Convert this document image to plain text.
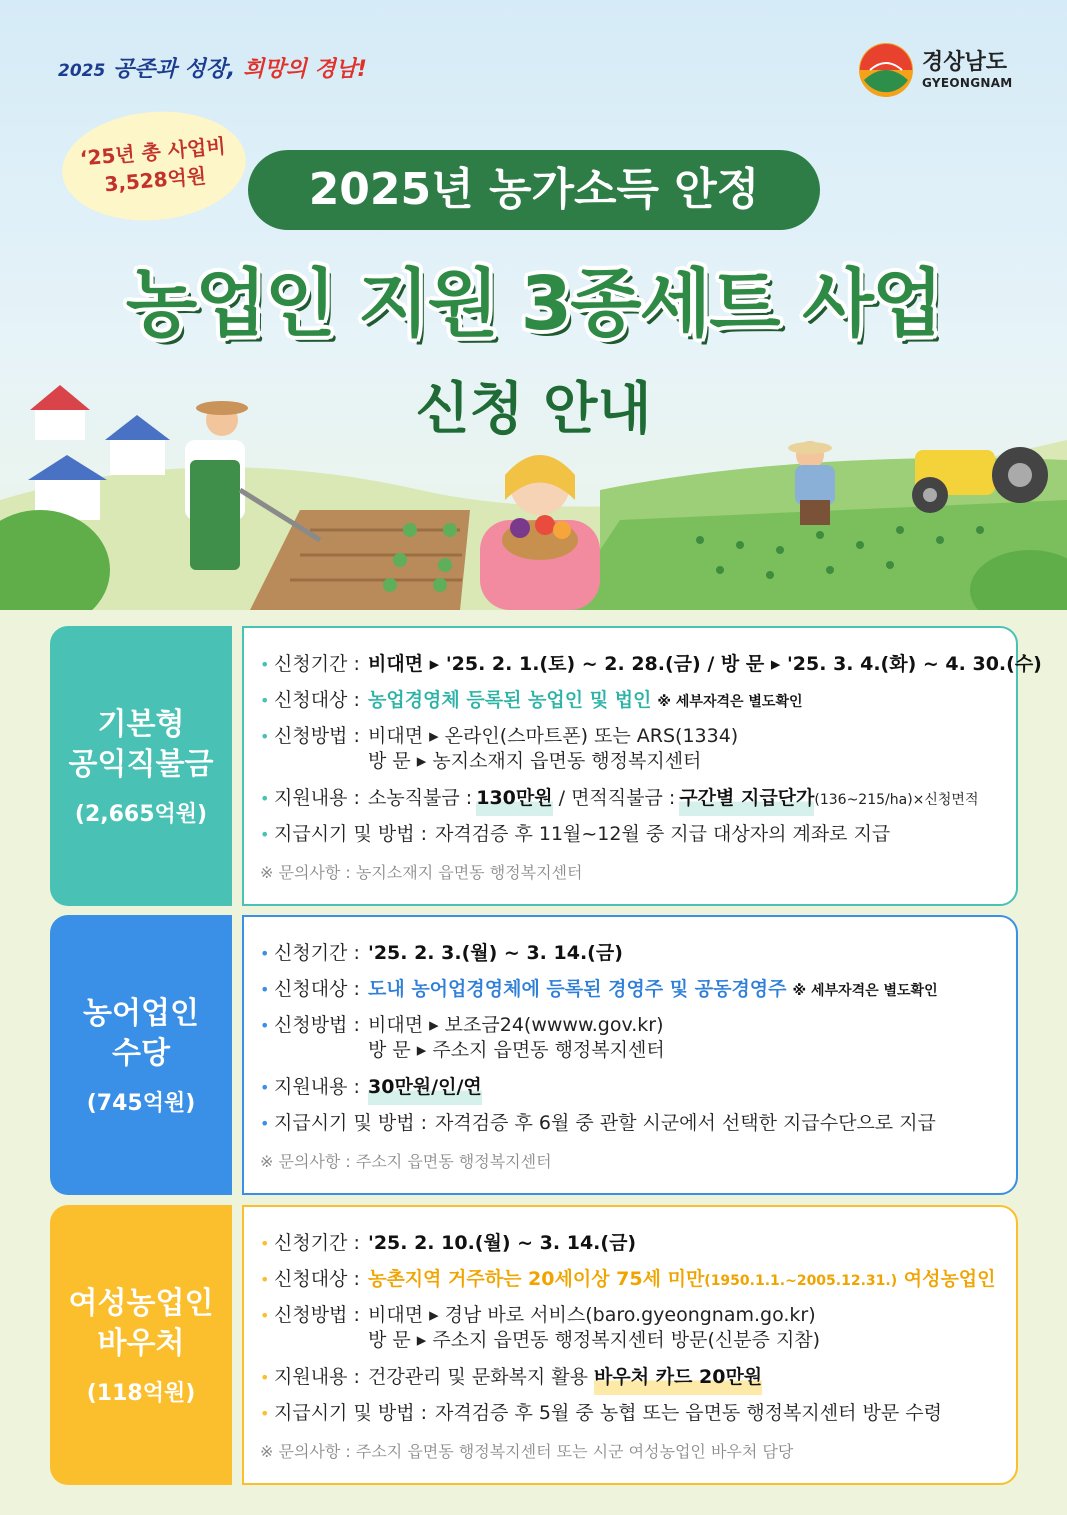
2025 공존과 성장, 희망의 경남!	경상남도
GYEONGNAM
‘25년 총 사업비
3,528억원	2025년 농가소득 안정
농업인 지원 3종세트 사업
신청 안내
기본형
공익직불금
(2,665억원)
• 신청기간 : 비대면 ▸ '25. 2. 1.(토) ~ 2. 28.(금) / 방 문 ▸ '25. 3. 4.(화) ~ 4. 30.(수)
• 신청대상 : 농업경영체 등록된 농업인 및 법인 ※ 세부자격은 별도확인
• 신청방법 : 비대면 ▸ 온라인(스마트폰) 또는 ARS(1334)
방 문 ▸ 농지소재지 읍면동 행정복지센터
• 지원내용 : 소농직불금 : 130만원 / 면적직불금 : 구간별 지급단가 (136~215/ha)×신청면적
• 지급시기 및 방법 : 자격검증 후 11월~12월 중 지급 대상자의 계좌로 지급
※ 문의사항 : 농지소재지 읍면동 행정복지센터
농어업인
수당
(745억원)
• 신청기간 : '25. 2. 3.(월) ~ 3. 14.(금)
• 신청대상 : 도내 농어업경영체에 등록된 경영주 및 공동경영주 ※ 세부자격은 별도확인
• 신청방법 : 비대면 ▸ 보조금24(wwww.gov.kr)
방 문 ▸ 주소지 읍면동 행정복지센터
• 지원내용 : 30만원/인/연
• 지급시기 및 방법 : 자격검증 후 6월 중 관할 시군에서 선택한 지급수단으로 지급
※ 문의사항 : 주소지 읍면동 행정복지센터
여성농업인
바우처
(118억원)
• 신청기간 : '25. 2. 10.(월) ~ 3. 14.(금)
• 신청대상 : 농촌지역 거주하는 20세이상 75세 미만 (1950.1.1.~2005.12.31.) 여성농업인
• 신청방법 : 비대면 ▸ 경남 바로 서비스(baro.gyeongnam.go.kr)
방 문 ▸ 주소지 읍면동 행정복지센터 방문(신분증 지참)
• 지원내용 : 건강관리 및 문화복지 활용 바우처 카드 20만원
• 지급시기 및 방법 : 자격검증 후 5월 중 농협 또는 읍면동 행정복지센터 방문 수령
※ 문의사항 : 주소지 읍면동 행정복지센터 또는 시군 여성농업인 바우처 담당
